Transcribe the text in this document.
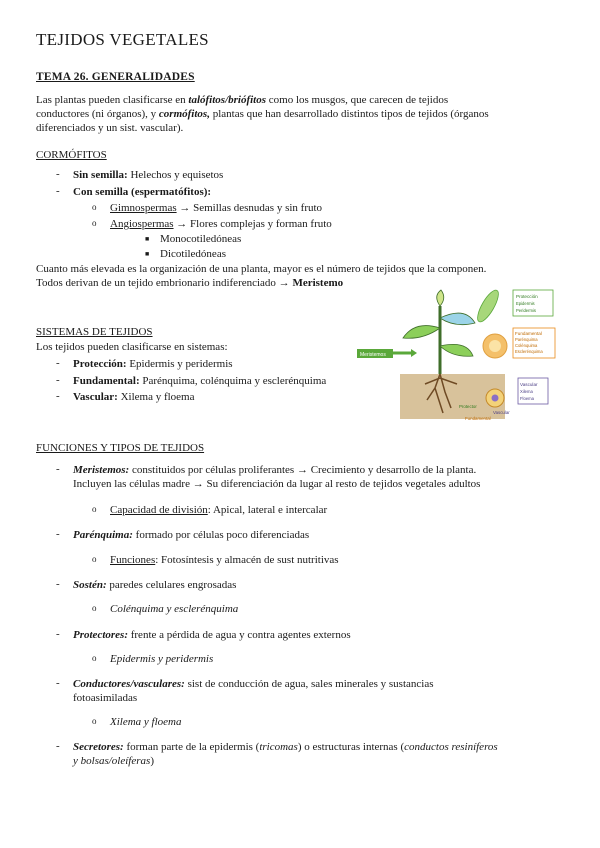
TEJIDOS VEGETALES
TEMA 26. GENERALIDADES
Las plantas pueden clasificarse en talófitos/briófitos como los musgos, que carecen de tejidos
conductores (ni órganos), y cormófitos, plantas que han desarrollado distintos tipos de tejidos (órganos
diferenciados y un sist. vascular).
CORMÓFITOS
- Sin semilla: Helechos y equisetos
- Con semilla (espermatófitos):
o Gimnospermas → Semillas desnudas y sin fruto
o Angiospermas → Flores complejas y forman fruto
■ Monocotiledóneas
■ Dicotiledóneas
Cuanto más elevada es la organización de una planta, mayor es el número de tejidos que la componen.
Todos derivan de un tejido embrionario indiferenciado → Meristemo
SISTEMAS DE TEJIDOS
Los tejidos pueden clasificarse en sistemas:
- Protección: Epidermis y peridermis
- Fundamental: Parénquima, colénquima y esclerénquima
- Vascular: Xilema y floema
Meristemos
Protección
Epidermis
Peridermis
Fundamental
Parénquima
Colénquima
Esclerénquima
Vascular
Xilema
Floema
Protector
Vascular
Fundamental
FUNCIONES Y TIPOS DE TEJIDOS
- Meristemos: constituidos por células proliferantes → Crecimiento y desarrollo de la planta.
Incluyen las células madre → Su diferenciación da lugar al resto de tejidos vegetales adultos
o Capacidad de división: Apical, lateral e intercalar
- Parénquima: formado por células poco diferenciadas
o Funciones: Fotosíntesis y almacén de sust nutritivas
- Sostén: paredes celulares engrosadas
o Colénquima y esclerénquima
- Protectores: frente a pérdida de agua y contra agentes externos
o Epidermis y peridermis
- Conductores/vasculares: sist de conducción de agua, sales minerales y sustancias
fotoasimiladas
o Xilema y floema
- Secretores: forman parte de la epidermis (tricomas) o estructuras internas (conductos resiníferos
y bolsas/oleíferas)
